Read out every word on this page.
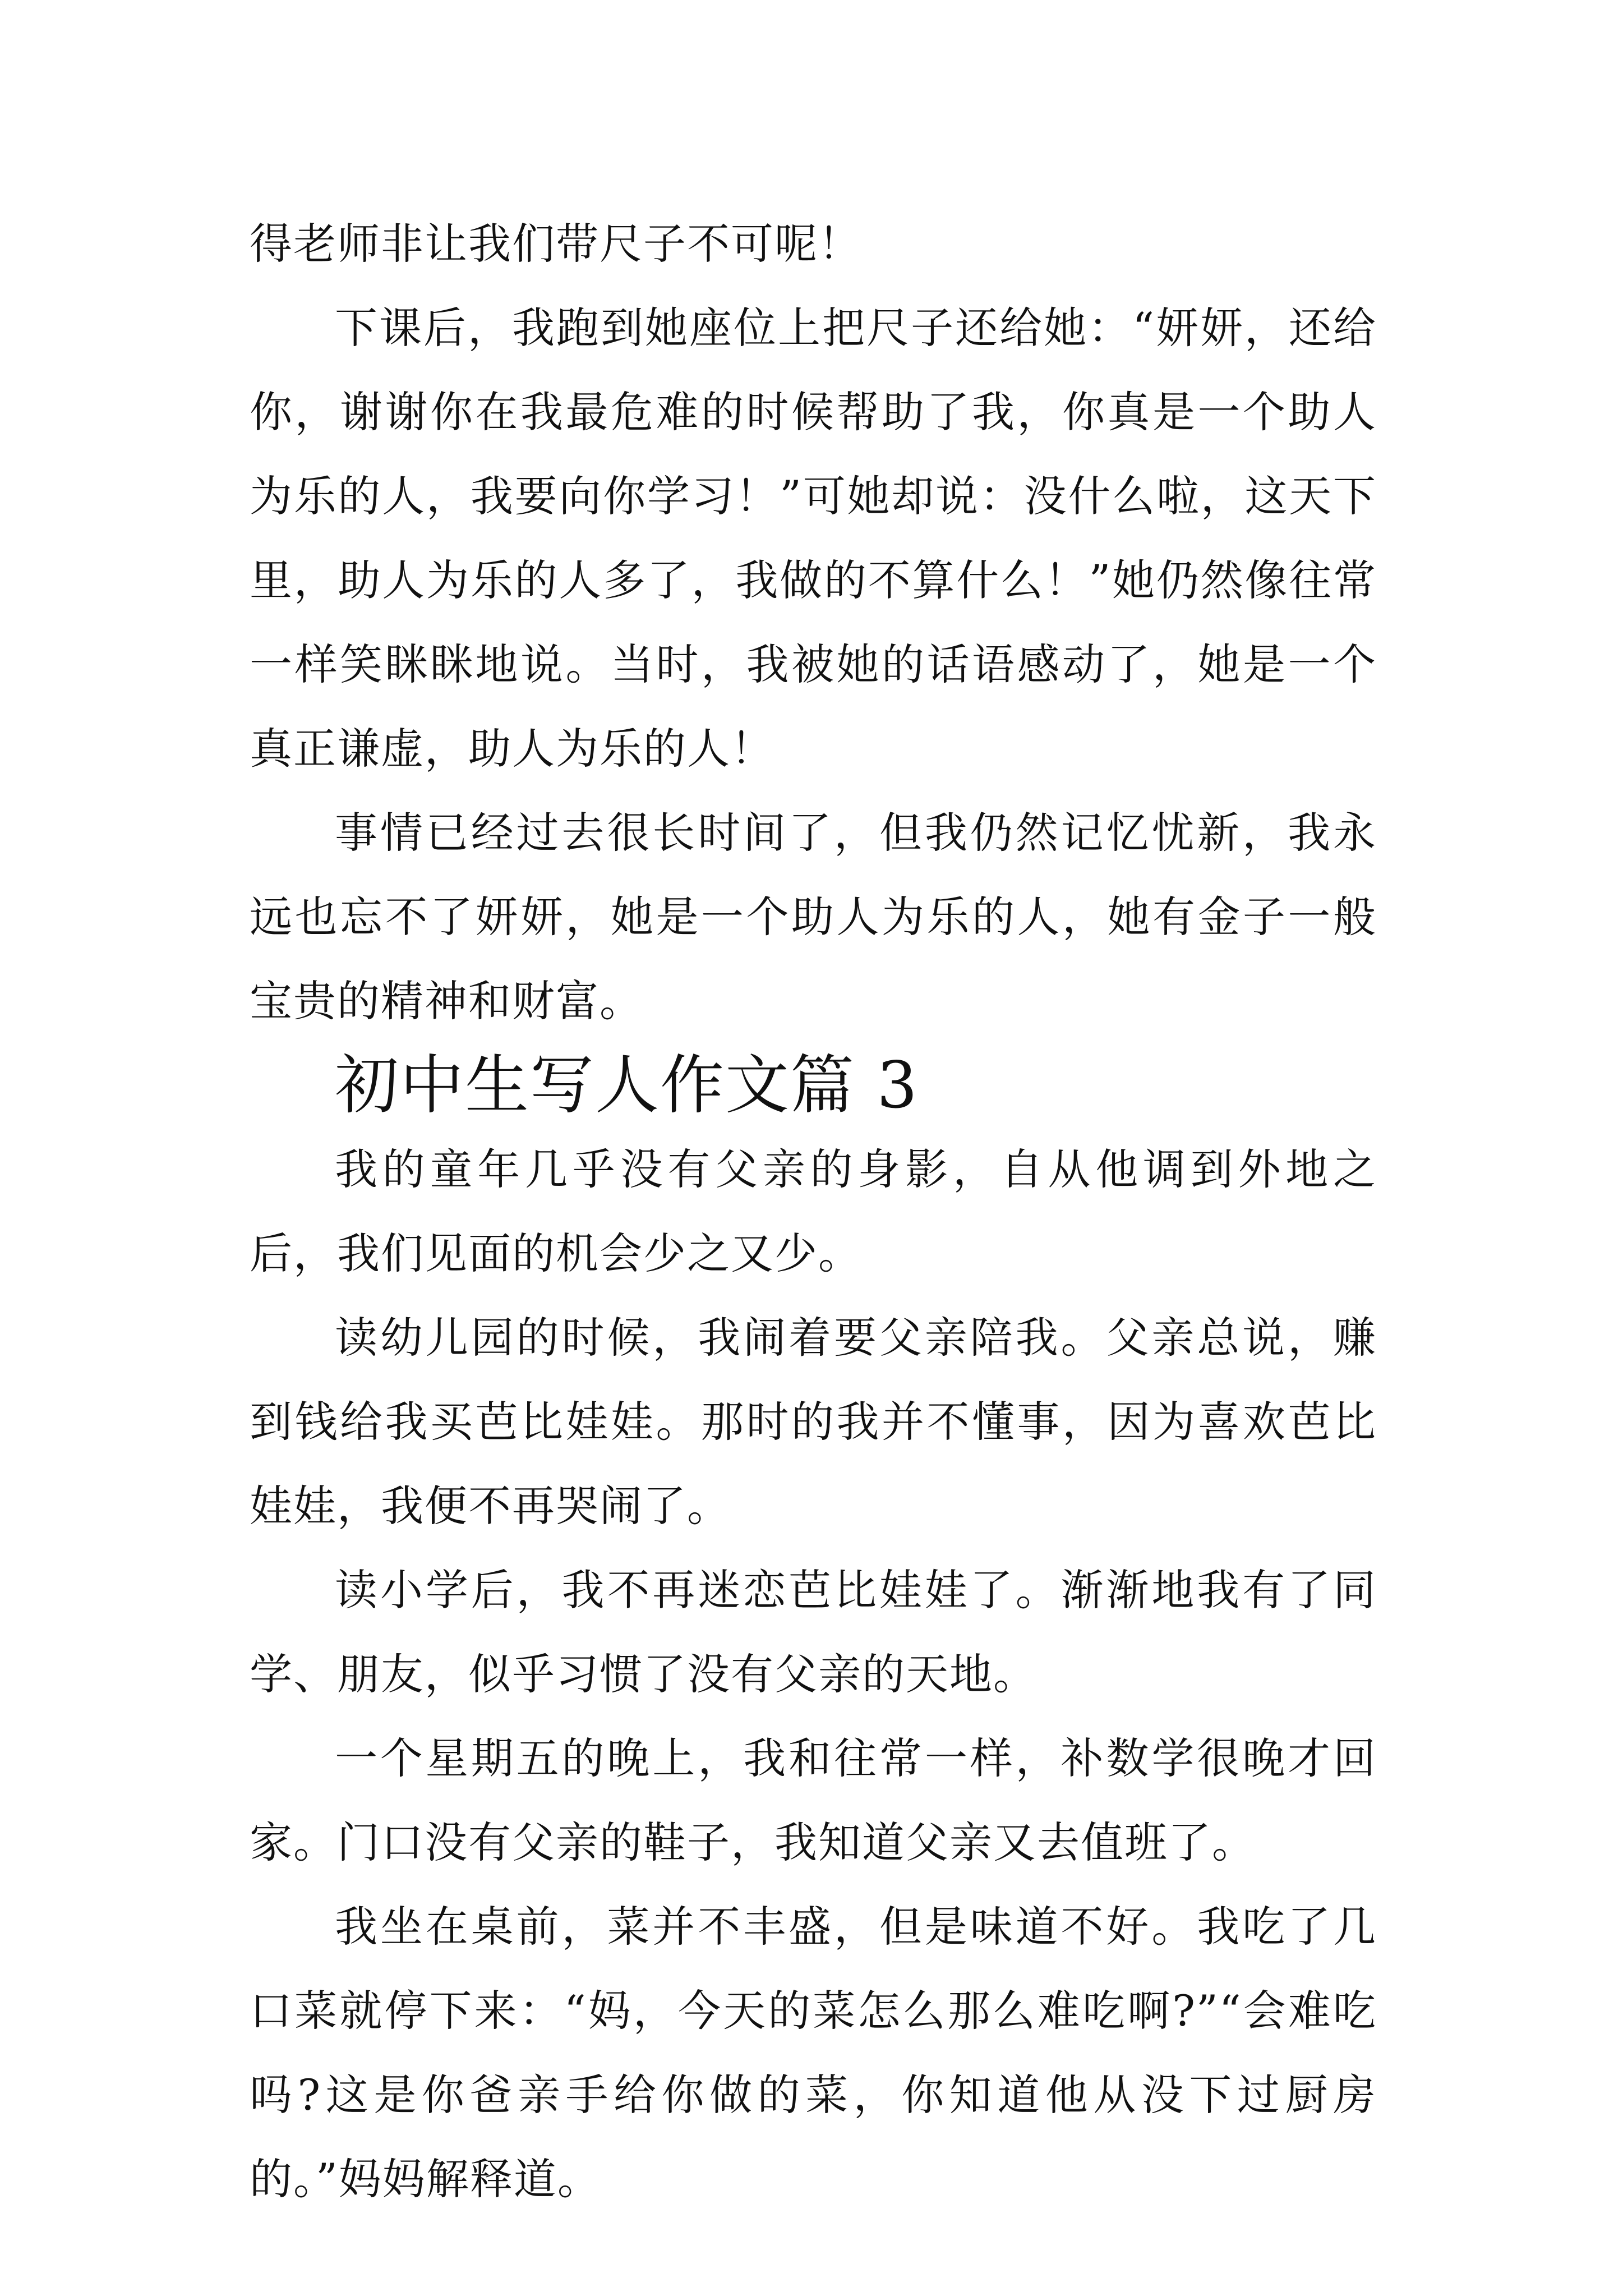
得老师非让我们带尺子不可呢！

下课后，我跑到她座位上把尺子还给她：“妍妍，还给你，谢谢你在我最危难的时候帮助了我，你真是一个助人为乐的人，我要向你学习！”可她却说：没什么啦，这天下里，助人为乐的人多了，我做的不算什么！”她仍然像往常一样笑眯眯地说。当时，我被她的话语感动了，她是一个真正谦虚，助人为乐的人！

事情已经过去很长时间了，但我仍然记忆忧新，我永远也忘不了妍妍，她是一个助人为乐的人，她有金子一般宝贵的精神和财富。

初中生写人作文篇 3

我的童年几乎没有父亲的身影，自从他调到外地之后，我们见面的机会少之又少。

读幼儿园的时候，我闹着要父亲陪我。父亲总说，赚到钱给我买芭比娃娃。那时的我并不懂事，因为喜欢芭比娃娃，我便不再哭闹了。

读小学后，我不再迷恋芭比娃娃了。渐渐地我有了同学、朋友，似乎习惯了没有父亲的天地。

一个星期五的晚上，我和往常一样，补数学很晚才回家。门口没有父亲的鞋子，我知道父亲又去值班了。

我坐在桌前，菜并不丰盛，但是味道不好。我吃了几口菜就停下来：“妈，今天的菜怎么那么难吃啊?”“会难吃吗?这是你爸亲手给你做的菜，你知道他从没下过厨房的。”妈妈解释道。
